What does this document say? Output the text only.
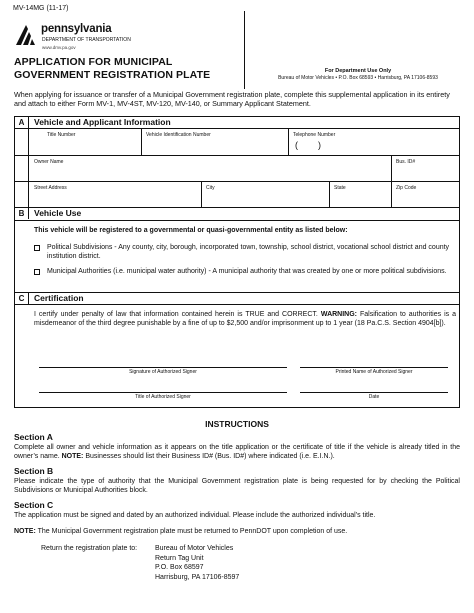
MV-14MG (11-17)
pennsylvania
DEPARTMENT OF TRANSPORTATION
www.dmv.pa.gov
APPLICATION FOR MUNICIPAL
GOVERNMENT REGISTRATION PLATE	For Department Use Only
Bureau of Motor Vehicles • P.O. Box 68593 • Harrisburg, PA 17106-8593
When applying for issuance or transfer of a Municipal Government registration plate, complete this supplemental application in its entirety and attach to either Form MV-1, MV-4ST, MV-120, MV-140, or Summary Applicant Statement.
A	Vehicle and Applicant Information
Title Number	Vehicle Identification Number	Telephone Number
(        )
Owner Name	Bus. ID#
Street Address	City	State	Zip Code
B	Vehicle Use
This vehicle will be registered to a governmental or quasi-governmental entity as listed below:
Political Subdivisions - Any county, city, borough, incorporated town, township, school district, vocational school district and county institution district.
Municipal Authorities (i.e. municipal water authority) - A municipal authority that was created by one or more political subdivisions.
C	Certification
I certify under penalty of law that information contained herein is TRUE and CORRECT. WARNING: Falsification to authorities is a misdemeanor of the third degree punishable by a fine of up to $2,500 and/or imprisonment up to 1 year (18 Pa.C.S. Section 4904[b]).
Signature of Authorized Signer	Printed Name of Authorized Signer
Title of Authorized Signer	Date
INSTRUCTIONS
Section A
Complete all owner and vehicle information as it appears on the title application or the certificate of title if the vehicle is already titled in the owner’s name. NOTE: Businesses should list their Business ID# (Bus. ID#) where indicated (i.e. E.I.N.).
Section B
Please indicate the type of authority that the Municipal Government registration plate is being requested for by checking the Political Subdivisions or Municipal Authorities block.
Section C
The application must be signed and dated by an authorized individual. Please include the authorized individual’s title.
NOTE: The Municipal Government registration plate must be returned to PennDOT upon completion of use.
Return the registration plate to:	Bureau of Motor Vehicles
Return Tag Unit
P.O. Box 68597
Harrisburg, PA 17106-8597
